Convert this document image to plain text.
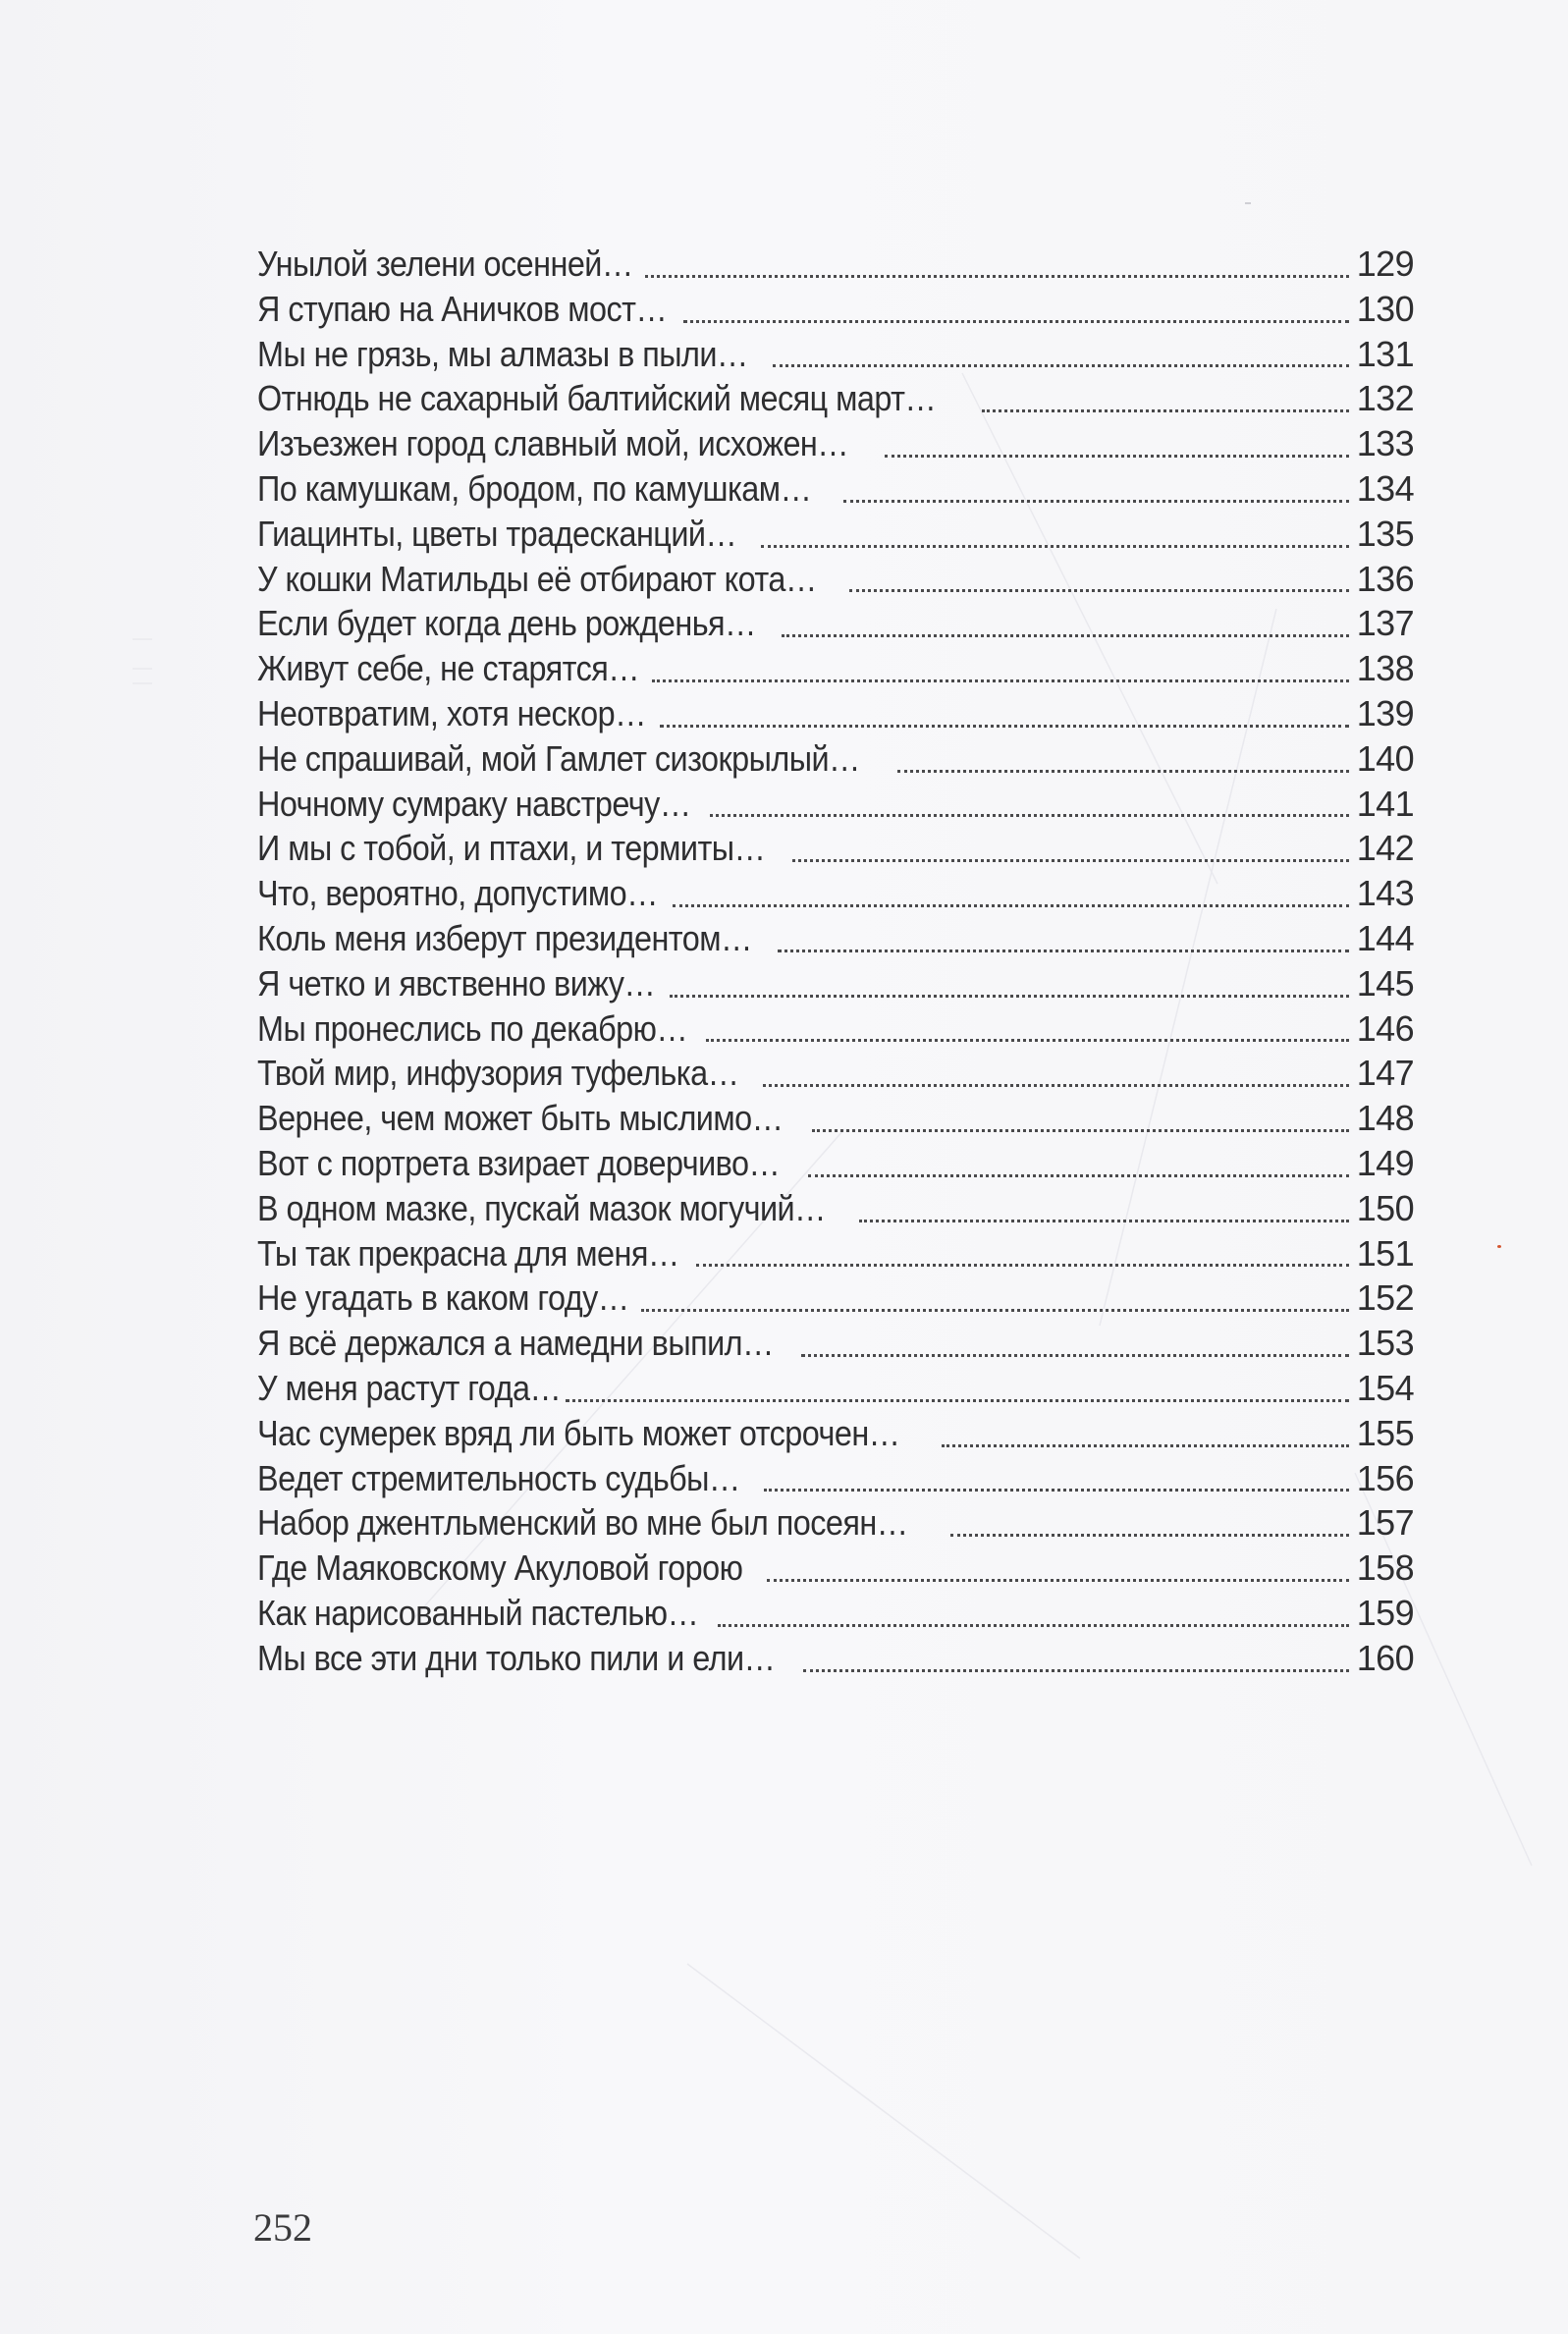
Унылой зелени осенней…	129
Я ступаю на Аничков мост…	130
Мы не грязь, мы алмазы в пыли…	131
Отнюдь не сахарный балтийский месяц март…	132
Изъезжен город славный мой, исхожен…	133
По камушкам, бродом, по камушкам…	134
Гиацинты, цветы традесканций…	135
У кошки Матильды её отбирают кота…	136
Если будет когда день рожденья…	137
Живут себе, не старятся…	138
Неотвратим, хотя нескор…	139
Не спрашивай, мой Гамлет сизокрылый…	140
Ночному сумраку навстречу…	141
И мы с тобой, и птахи, и термиты…	142
Что, вероятно, допустимо…	143
Коль меня изберут президентом…	144
Я четко и явственно вижу…	145
Мы пронеслись по декабрю…	146
Твой мир, инфузория туфелька…	147
Вернее, чем может быть мыслимо…	148
Вот с портрета взирает доверчиво…	149
В одном мазке, пускай мазок могучий…	150
Ты так прекрасна для меня…	151
Не угадать в каком году…	152
Я всё держался а намедни выпил…	153
У меня растут года…	154
Час сумерек вряд ли быть может отсрочен…	155
Ведет стремительность судьбы…	156
Набор джентльменский во мне был посеян…	157
Где Маяковскому Акуловой горою	158
Как нарисованный пастелью…	159
Мы все эти дни только пили и ели…	160
252
